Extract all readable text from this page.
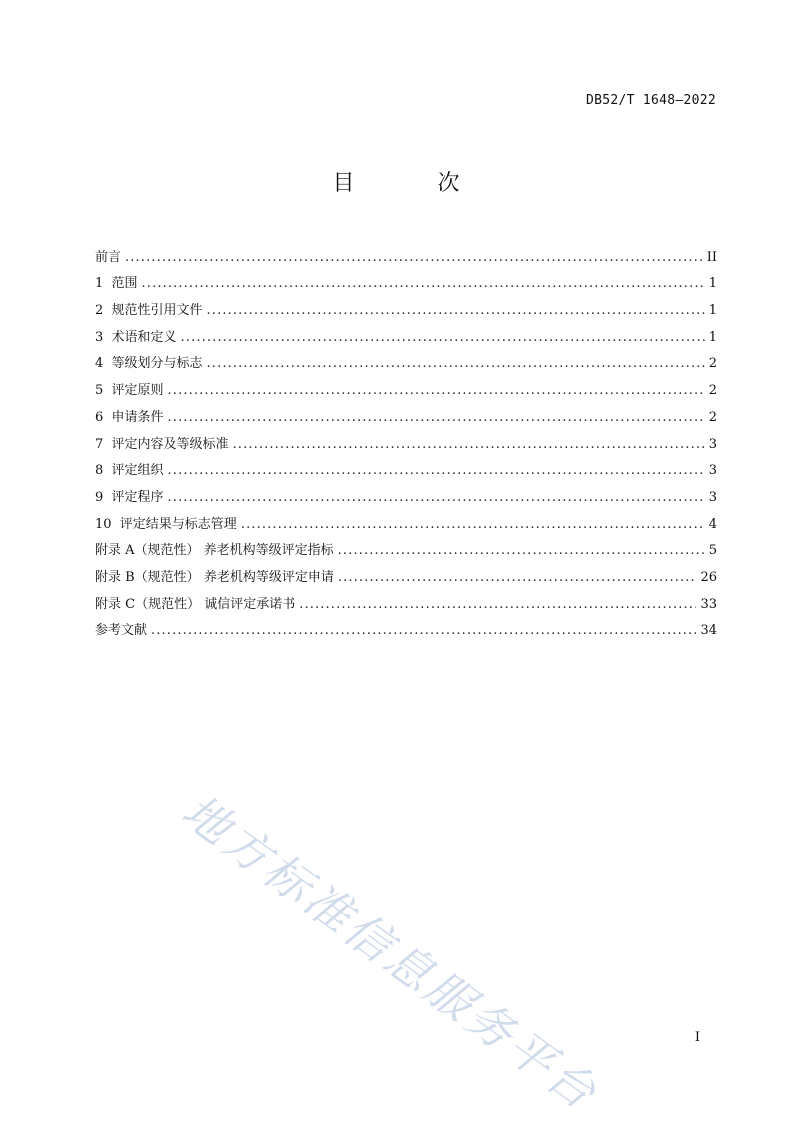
DB52/T 1648—2022
目 次
前言 . . .	II
1  范围 . . .	1
2  规范性引用文件 . . .	1
3  术语和定义 . . .	1
4  等级划分与标志 . . .	2
5  评定原则 . . .	2
6  申请条件 . . .	2
7  评定内容及等级标准 . . .	3
8  评定组织 . . .	3
9  评定程序 . . .	3
10  评定结果与标志管理 . . .	4
附录 A（规范性） 养老机构等级评定指标 . . .	5
附录 B（规范性） 养老机构等级评定申请 . . .	26
附录 C（规范性） 诚信评定承诺书 . . .	33
参考文献 . . .	34
地方标准信息服务平台	I
